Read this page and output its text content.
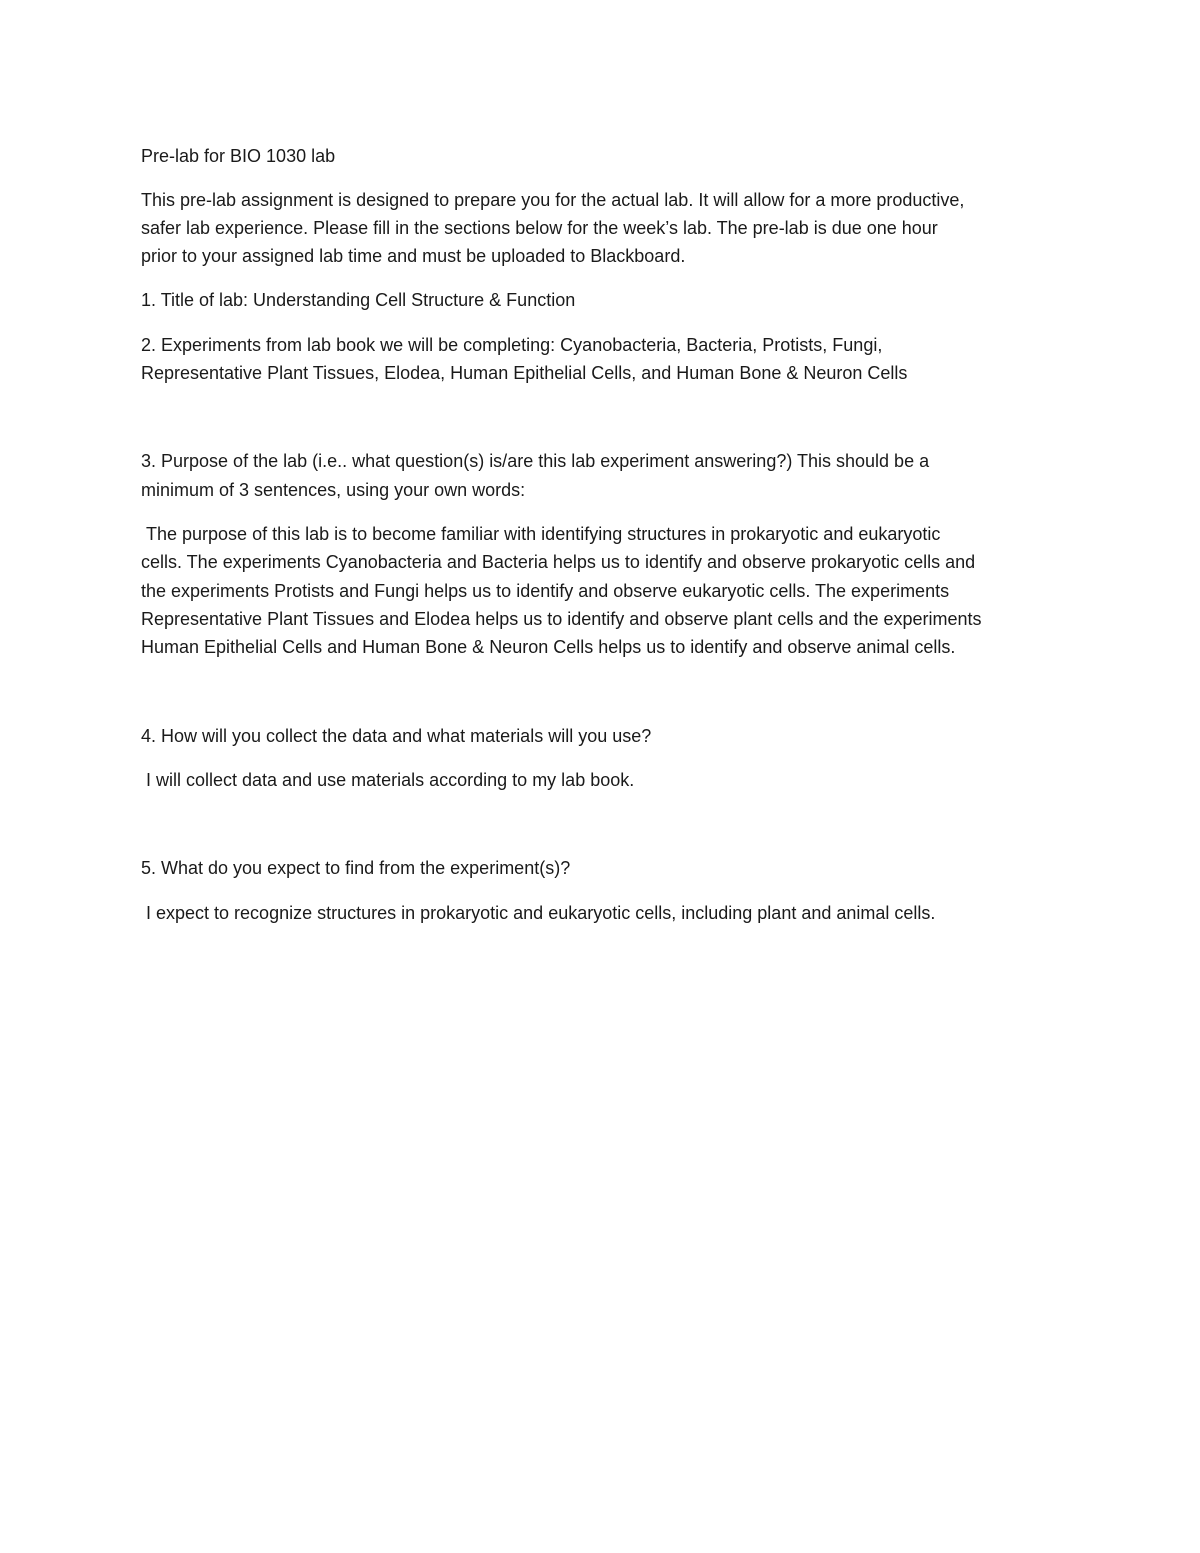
Pre-lab for BIO 1030 lab
This pre-lab assignment is designed to prepare you for the actual lab. It will allow for a more productive,
safer lab experience. Please fill in the sections below for the week’s lab. The pre-lab is due one hour
prior to your assigned lab time and must be uploaded to Blackboard.
1. Title of lab: Understanding Cell Structure & Function
2. Experiments from lab book we will be completing: Cyanobacteria, Bacteria, Protists, Fungi,
Representative Plant Tissues, Elodea, Human Epithelial Cells, and Human Bone & Neuron Cells
3. Purpose of the lab (i.e.. what question(s) is/are this lab experiment answering?) This should be a
minimum of 3 sentences, using your own words:
The purpose of this lab is to become familiar with identifying structures in prokaryotic and eukaryotic
cells. The experiments Cyanobacteria and Bacteria helps us to identify and observe prokaryotic cells and
the experiments Protists and Fungi helps us to identify and observe eukaryotic cells. The experiments
Representative Plant Tissues and Elodea helps us to identify and observe plant cells and the experiments
Human Epithelial Cells and Human Bone & Neuron Cells helps us to identify and observe animal cells.
4. How will you collect the data and what materials will you use?
I will collect data and use materials according to my lab book.
5. What do you expect to find from the experiment(s)?
I expect to recognize structures in prokaryotic and eukaryotic cells, including plant and animal cells.
